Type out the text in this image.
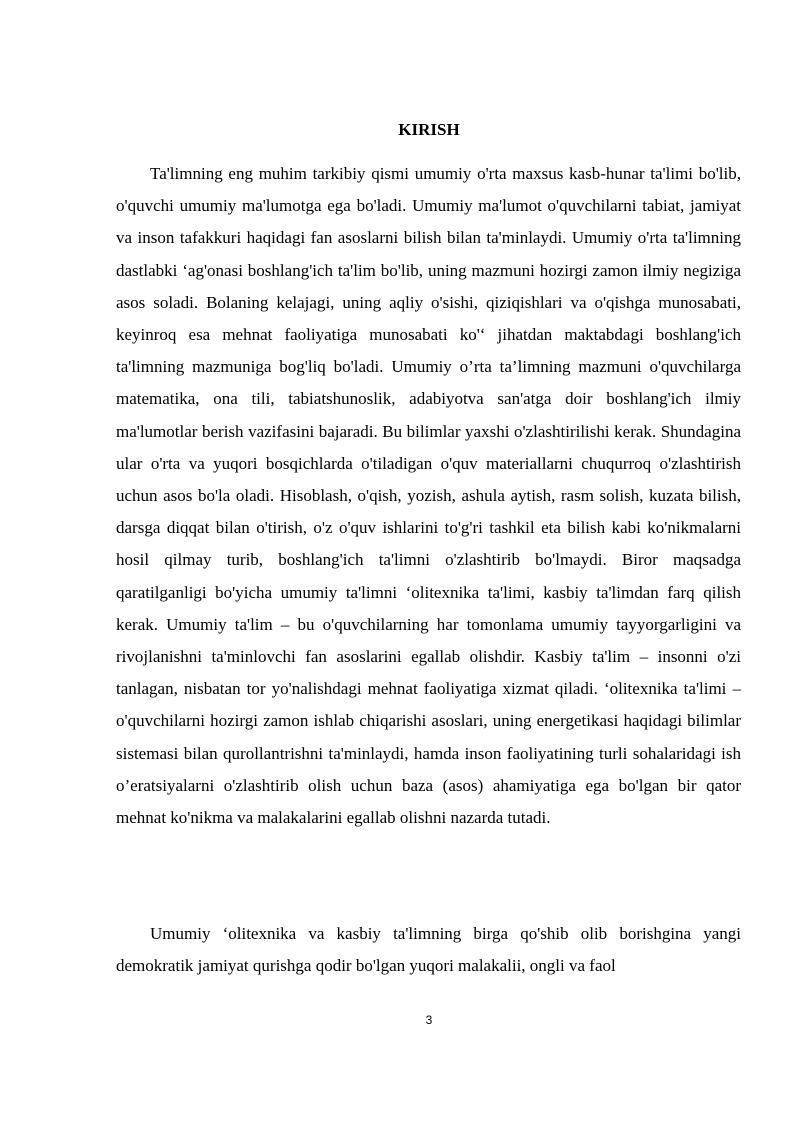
KIRISH

Ta'limning eng muhim tarkibiy qismi umumiy o'rta maxsus kasb-hunar ta'limi bo'lib, o'quvchi umumiy ma'lumotga ega bo'ladi. Umumiy ma'lumot o'quvchilarni tabiat, jamiyat va inson tafakkuri haqidagi fan asoslarni bilish bilan ta'minlaydi. Umumiy o'rta ta'limning dastlabki ‘ag'onasi boshlang'ich ta'lim bo'lib, uning mazmuni hozirgi zamon ilmiy negiziga asos soladi. Bolaning kelajagi, uning aqliy o'sishi, qiziqishlari va o'qishga munosabati, keyinroq esa mehnat faoliyatiga munosabati ko'‘ jihatdan maktabdagi boshlang'ich ta'limning mazmuniga bog'liq bo'ladi. Umumiy o’rta ta’limning mazmuni o'quvchilarga matematika, ona tili, tabiatshunoslik, adabiyotva san'atga doir boshlang'ich ilmiy ma'lumotlar berish vazifasini bajaradi. Bu bilimlar yaxshi o'zlashtirilishi kerak. Shundagina ular o'rta va yuqori bosqichlarda o'tiladigan o'quv materiallarni chuqurroq o'zlashtirish uchun asos bo'la oladi. Hisoblash, o'qish, yozish, ashula aytish, rasm solish, kuzata bilish, darsga diqqat bilan o'tirish, o'z o'quv ishlarini to'g'ri tashkil eta bilish kabi ko'nikmalarni hosil qilmay turib, boshlang'ich ta'limni o'zlashtirib bo'lmaydi. Biror maqsadga qaratilganligi bo'yicha umumiy ta'limni ‘olitexnika ta'limi, kasbiy ta'limdan farq qilish kerak. Umumiy ta'lim – bu o'quvchilarning har tomonlama umumiy tayyorgarligini va rivojlanishni ta'minlovchi fan asoslarini egallab olishdir. Kasbiy ta'lim – insonni o'zi tanlagan, nisbatan tor yo'nalishdagi mehnat faoliyatiga xizmat qiladi. ‘olitexnika ta'limi – o'quvchilarni hozirgi zamon ishlab chiqarishi asoslari, uning energetikasi haqidagi bilimlar sistemasi bilan qurollantrishni ta'minlaydi, hamda inson faoliyatining turli sohalaridagi ish o’eratsiyalarni o'zlashtirib olish uchun baza (asos) ahamiyatiga ega bo'lgan bir qator mehnat ko'nikma va malakalarini egallab olishni nazarda tutadi.

Umumiy ‘olitexnika va kasbiy ta'limning birga qo'shib olib borishgina yangi demokratik jamiyat qurishga qodir bo'lgan yuqori malakalii, ongli va faol

3
